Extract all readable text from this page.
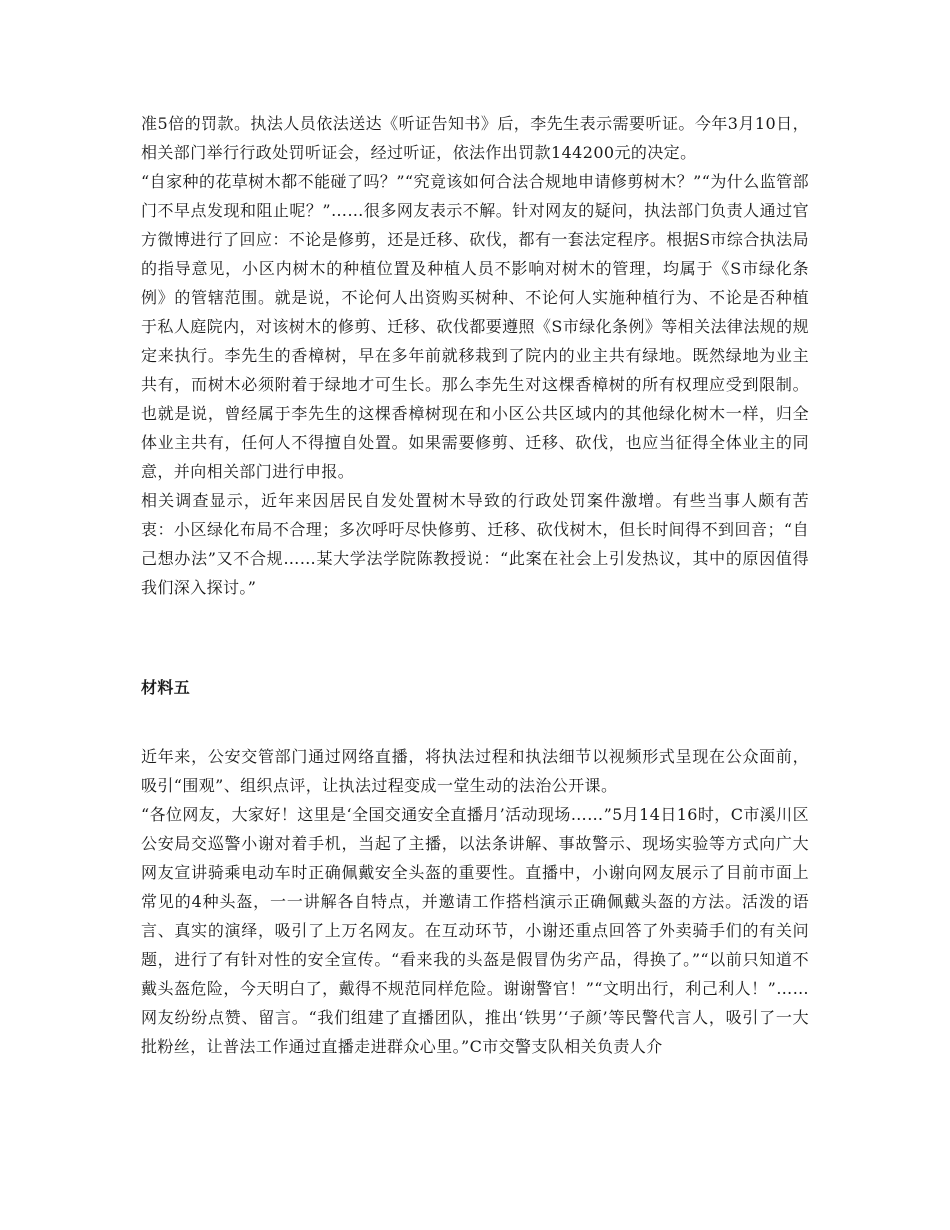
准5倍的罚款。执法人员依法送达《听证告知书》后，李先生表示需要听证。今年3月10日，相关部门举行行政处罚听证会，经过听证，依法作出罚款144200元的决定。

“自家种的花草树木都不能碰了吗？”“究竟该如何合法合规地申请修剪树木？”“为什么监管部门不早点发现和阻止呢？”……很多网友表示不解。针对网友的疑问，执法部门负责人通过官方微博进行了回应：不论是修剪，还是迁移、砍伐，都有一套法定程序。根据S市综合执法局的指导意见，小区内树木的种植位置及种植人员不影响对树木的管理，均属于《S市绿化条例》的管辖范围。就是说，不论何人出资购买树种、不论何人实施种植行为、不论是否种植于私人庭院内，对该树木的修剪、迁移、砍伐都要遵照《S市绿化条例》等相关法律法规的规定来执行。李先生的香樟树，早在多年前就移栽到了院内的业主共有绿地。既然绿地为业主共有，而树木必须附着于绿地才可生长。那么李先生对这棵香樟树的所有权理应受到限制。也就是说，曾经属于李先生的这棵香樟树现在和小区公共区域内的其他绿化树木一样，归全体业主共有，任何人不得擅自处置。如果需要修剪、迁移、砍伐，也应当征得全体业主的同意，并向相关部门进行申报。

相关调查显示，近年来因居民自发处置树木导致的行政处罚案件激增。有些当事人颇有苦衷：小区绿化布局不合理；多次呼吁尽快修剪、迁移、砍伐树木，但长时间得不到回音；“自己想办法”又不合规……某大学法学院陈教授说：“此案在社会上引发热议，其中的原因值得我们深入探讨。”

材料五

近年来，公安交管部门通过网络直播，将执法过程和执法细节以视频形式呈现在公众面前，吸引“围观”、组织点评，让执法过程变成一堂生动的法治公开课。

“各位网友，大家好！这里是‘全国交通安全直播月’活动现场……”5月14日16时，C市溪川区公安局交巡警小谢对着手机，当起了主播，以法条讲解、事故警示、现场实验等方式向广大网友宣讲骑乘电动车时正确佩戴安全头盔的重要性。直播中，小谢向网友展示了目前市面上常见的4种头盔，一一讲解各自特点，并邀请工作搭档演示正确佩戴头盔的方法。活泼的语言、真实的演绎，吸引了上万名网友。在互动环节，小谢还重点回答了外卖骑手们的有关问题，进行了有针对性的安全宣传。“看来我的头盔是假冒伪劣产品，得换了。”“以前只知道不戴头盔危险，今天明白了，戴得不规范同样危险。谢谢警官！”“文明出行，利己利人！”……网友纷纷点赞、留言。“我们组建了直播团队，推出‘铁男’‘子颜’等民警代言人，吸引了一大批粉丝，让普法工作通过直播走进群众心里。”C市交警支队相关负责人介
